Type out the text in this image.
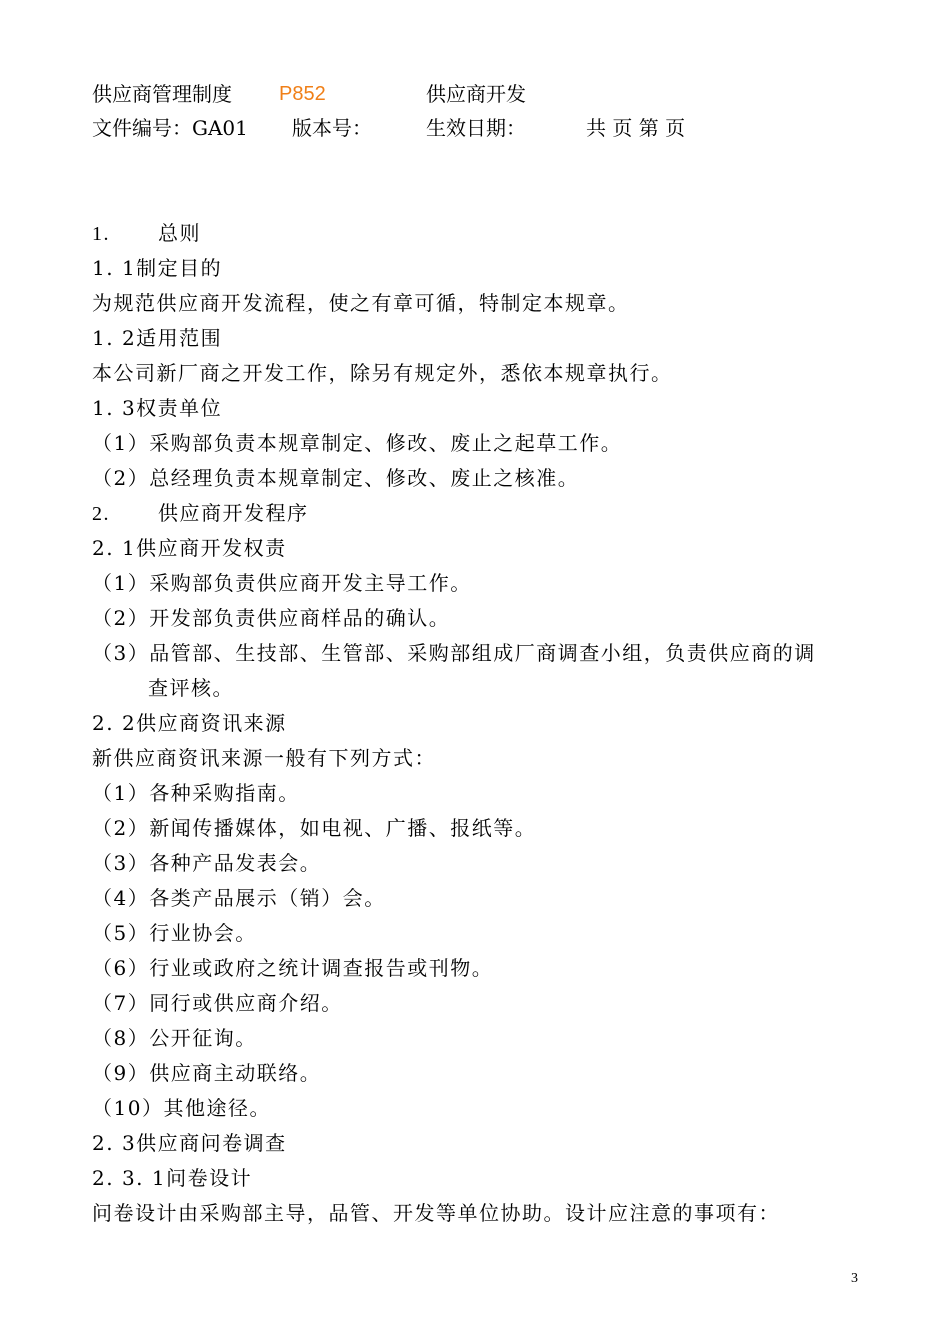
供应商管理制度 P852	供应商开发
文件编号：GA01 版本号：	生效日期：	共 页 第 页
1. 总则
1. 1制定目的
为规范供应商开发流程，使之有章可循，特制定本规章。
1. 2适用范围
本公司新厂商之开发工作，除另有规定外，悉依本规章执行。
1. 3权责单位
（1）采购部负责本规章制定、修改、废止之起草工作。
（2）总经理负责本规章制定、修改、废止之核准。
2. 供应商开发程序
2. 1供应商开发权责
（1）采购部负责供应商开发主导工作。
（2）开发部负责供应商样品的确认。
（3）品管部、生技部、生管部、采购部组成厂商调查小组，负责供应商的调
查评核。
2. 2供应商资讯来源
新供应商资讯来源一般有下列方式：
（1）各种采购指南。
（2）新闻传播媒体，如电视、广播、报纸等。
（3）各种产品发表会。
（4）各类产品展示（销）会。
（5）行业协会。
（6）行业或政府之统计调查报告或刊物。
（7）同行或供应商介绍。
（8）公开征询。
（9）供应商主动联络。
（10）其他途径。
2. 3供应商问卷调查
2. 3. 1问卷设计
问卷设计由采购部主导，品管、开发等单位协助。设计应注意的事项有：
3
